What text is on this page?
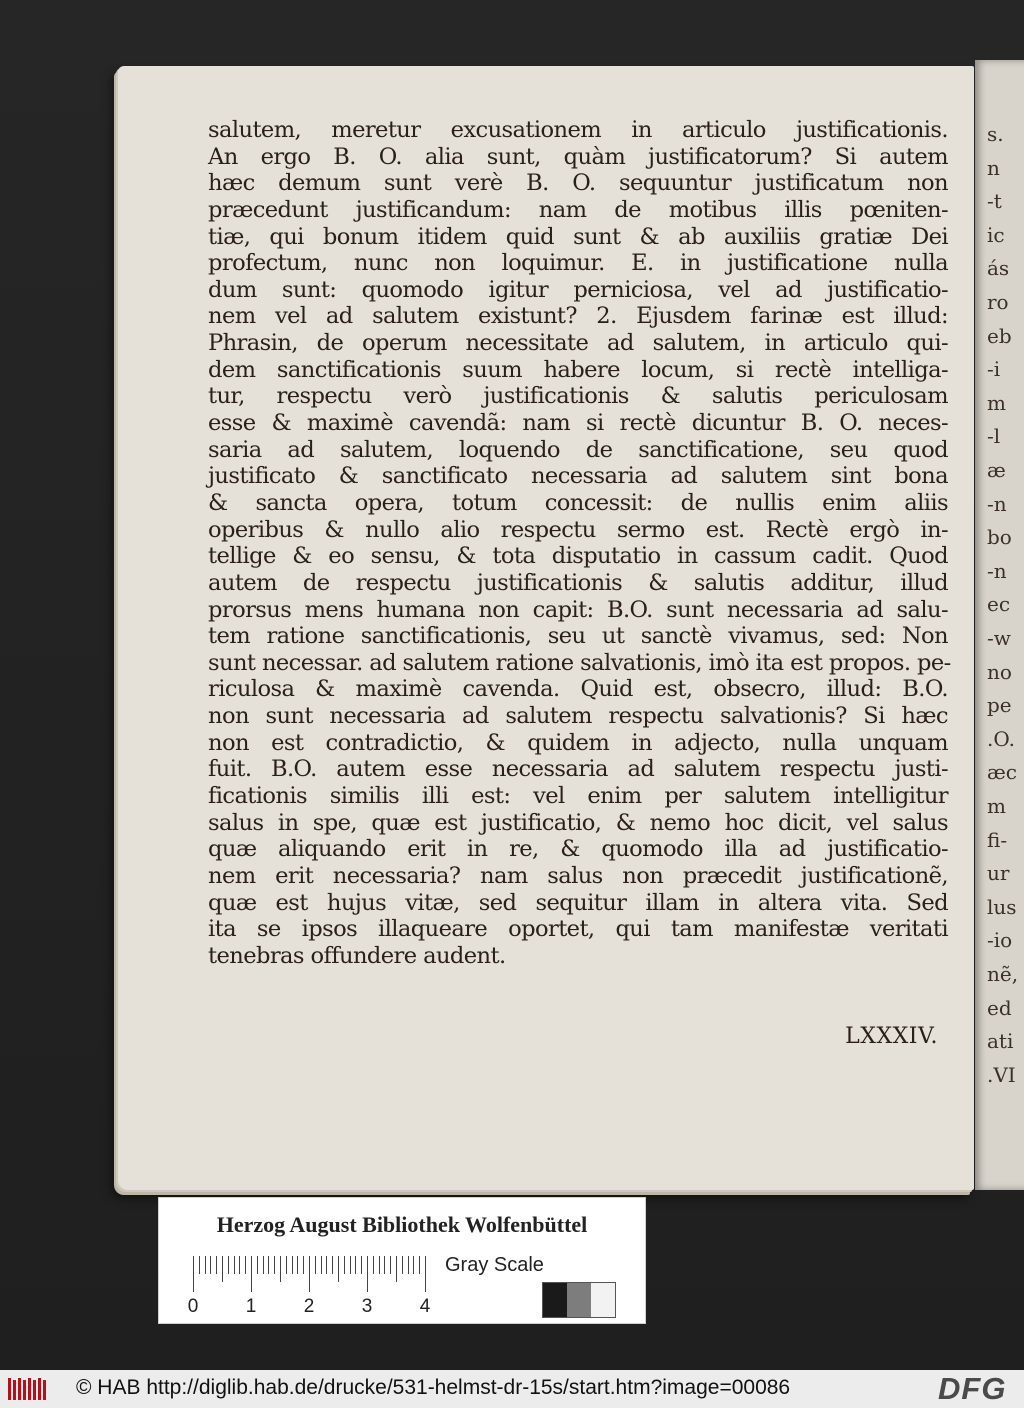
s.
n
-t
ic
ás
ro
eb
-i
m
-l
æ
-n
bo
-n
ec
-w
no
pe
.O.
æc
m
fi-
ur
lus
-io
nẽ,
ed
ati
.VI
salutem, meretur excusationem in articulo justificationis.
An ergo B. O. alia sunt, quàm justificatorum? Si autem
hæc demum sunt verè B. O. sequuntur justificatum non
præcedunt justificandum: nam de motibus illis pœniten-
tiæ, qui bonum itidem quid sunt & ab auxiliis gratiæ Dei
profectum, nunc non loquimur. E. in justificatione nulla
dum sunt: quomodo igitur perniciosa, vel ad justificatio-
nem vel ad salutem existunt? 2. Ejusdem farinæ est illud:
Phrasin, de operum necessitate ad salutem, in articulo qui-
dem sanctificationis suum habere locum, si rectè intelliga-
tur, respectu verò justificationis & salutis periculosam
esse & maximè cavendã: nam si rectè dicuntur B. O. neces-
saria ad salutem, loquendo de sanctificatione, seu quod
justificato & sanctificato necessaria ad salutem sint bona
& sancta opera, totum concessit: de nullis enim aliis
operibus & nullo alio respectu sermo est. Rectè ergò in-
tellige & eo sensu, & tota disputatio in cassum cadit. Quod
autem de respectu justificationis & salutis additur, illud
prorsus mens humana non capit: B.O. sunt necessaria ad salu-
tem ratione sanctificationis, seu ut sanctè vivamus, sed: Non
sunt necessar. ad salutem ratione salvationis, imò ita est propos. pe-
riculosa & maximè cavenda. Quid est, obsecro, illud: B.O.
non sunt necessaria ad salutem respectu salvationis? Si hæc
non est contradictio, & quidem in adjecto, nulla unquam
fuit. B.O. autem esse necessaria ad salutem respectu justi-
ficationis similis illi est: vel enim per salutem intelligitur
salus in spe, quæ est justificatio, & nemo hoc dicit, vel salus
quæ aliquando erit in re, & quomodo illa ad justificatio-
nem erit necessaria? nam salus non præcedit justificationẽ,
quæ est hujus vitæ, sed sequitur illam in altera vita. Sed
ita se ipsos illaqueare oportet, qui tam manifestæ veritati
tenebras offundere audent.
LXXXIV.
Herzog August Bibliothek Wolfenbüttel
0 1 2 3 4
Gray Scale
© HAB http://diglib.hab.de/drucke/531-helmst-dr-15s/start.htm?image=00086	DFG
